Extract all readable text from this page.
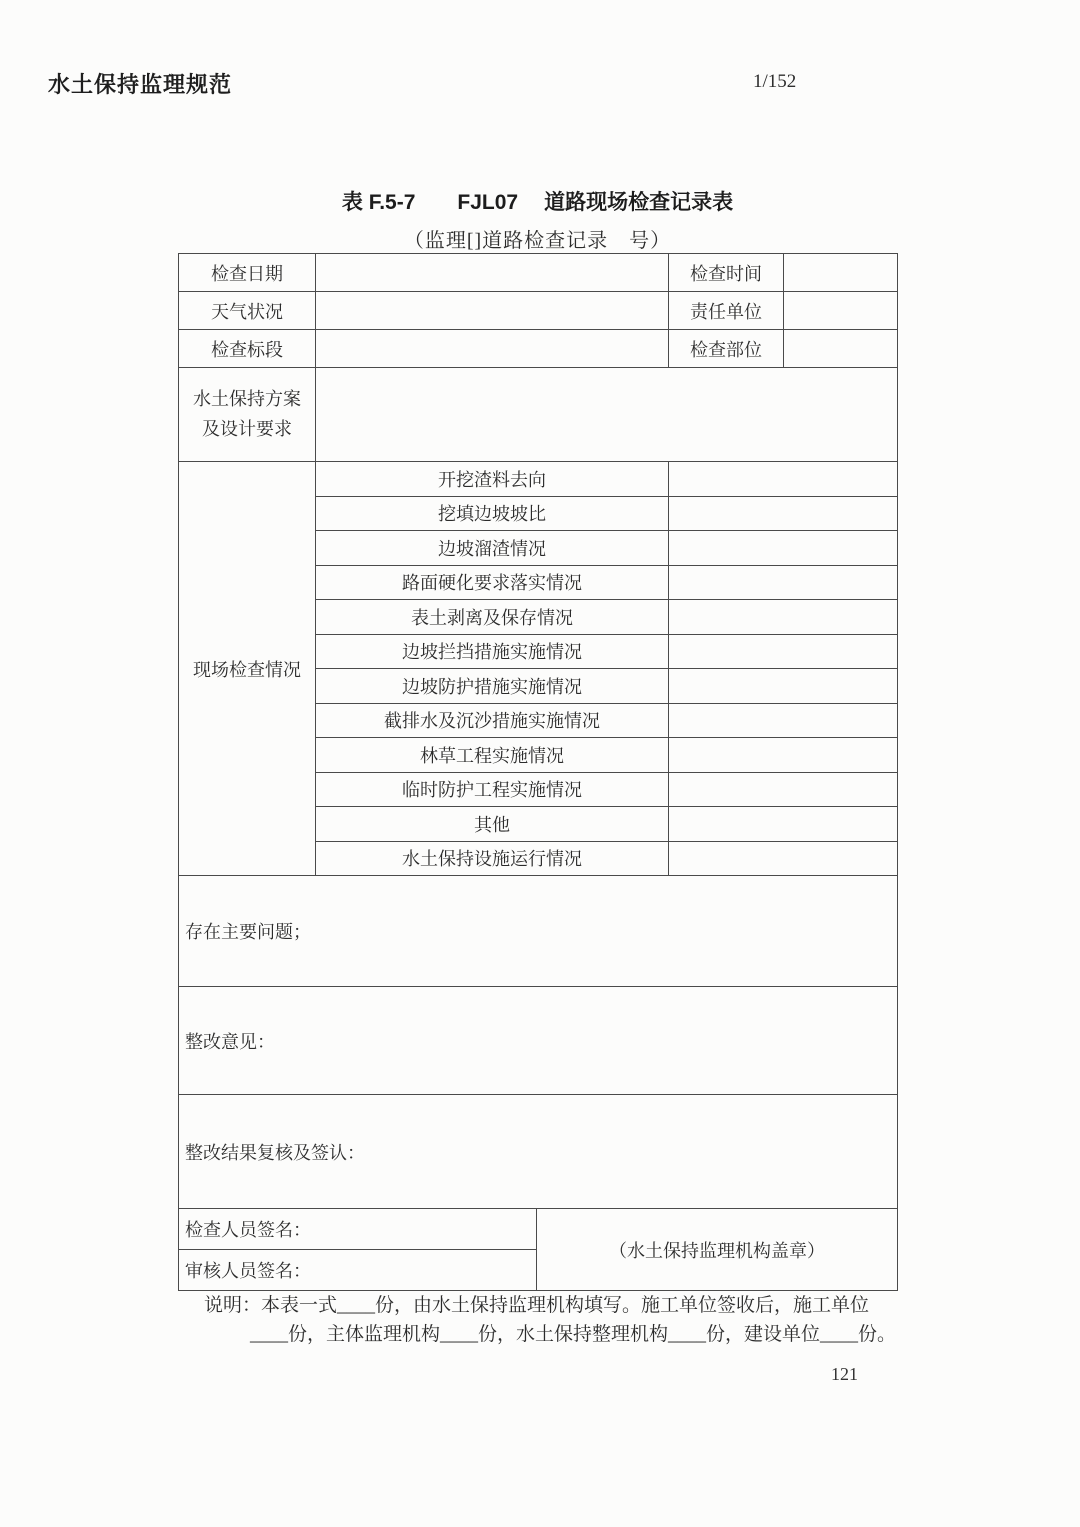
水土保持监理规范	1/152
表 F.5-7 FJL07 道路现场检查记录表
（监理[]道路检查记录　号）
检查日期			检查时间	
天气状况			责任单位	
检查标段			检查部位	
水土保持方案
及设计要求				
现场检查情况	开挖渣料去向			
	挖填边坡坡比			
	边坡溜渣情况			
	路面硬化要求落实情况			
	表土剥离及保存情况			
	边坡拦挡措施实施情况			
	边坡防护措施实施情况			
	截排水及沉沙措施实施情况			
	林草工程实施情况			
	临时防护工程实施情况			
	其他			
	水土保持设施运行情况			
存在主要问题；				
整改意见：				
整改结果复核及签认：				
检查人员签名：		（水土保持监理机构盖章）		
审核人员签名：				
说明：本表一式____份，由水土保持监理机构填写。施工单位签收后，施工单位
____份，主体监理机构____份，水土保持整理机构____份，建设单位____份。
121
